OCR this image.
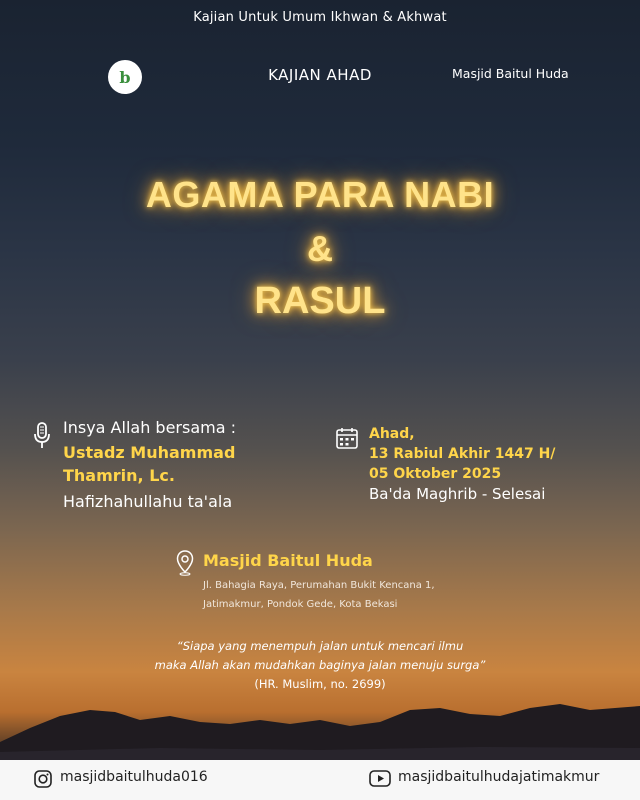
Kajian Untuk Umum Ikhwan & Akhwat
b	KAJIAN AHAD	Masjid Baitul Huda
AGAMA PARA NABI
&
RASUL
Insya Allah bersama :
Ustadz Muhammad
Thamrin, Lc.
Hafizhahullahu ta'ala
Ahad,
13 Rabiul Akhir 1447 H/
05 Oktober 2025
Ba'da Maghrib - Selesai
Masjid Baitul Huda
Jl. Bahagia Raya, Perumahan Bukit Kencana 1,
Jatimakmur, Pondok Gede, Kota Bekasi
“Siapa yang menempuh jalan untuk mencari ilmu
maka Allah akan mudahkan baginya jalan menuju surga”
(HR. Muslim, no. 2699)
masjidbaitulhuda016	masjidbaitulhudajatimakmur
